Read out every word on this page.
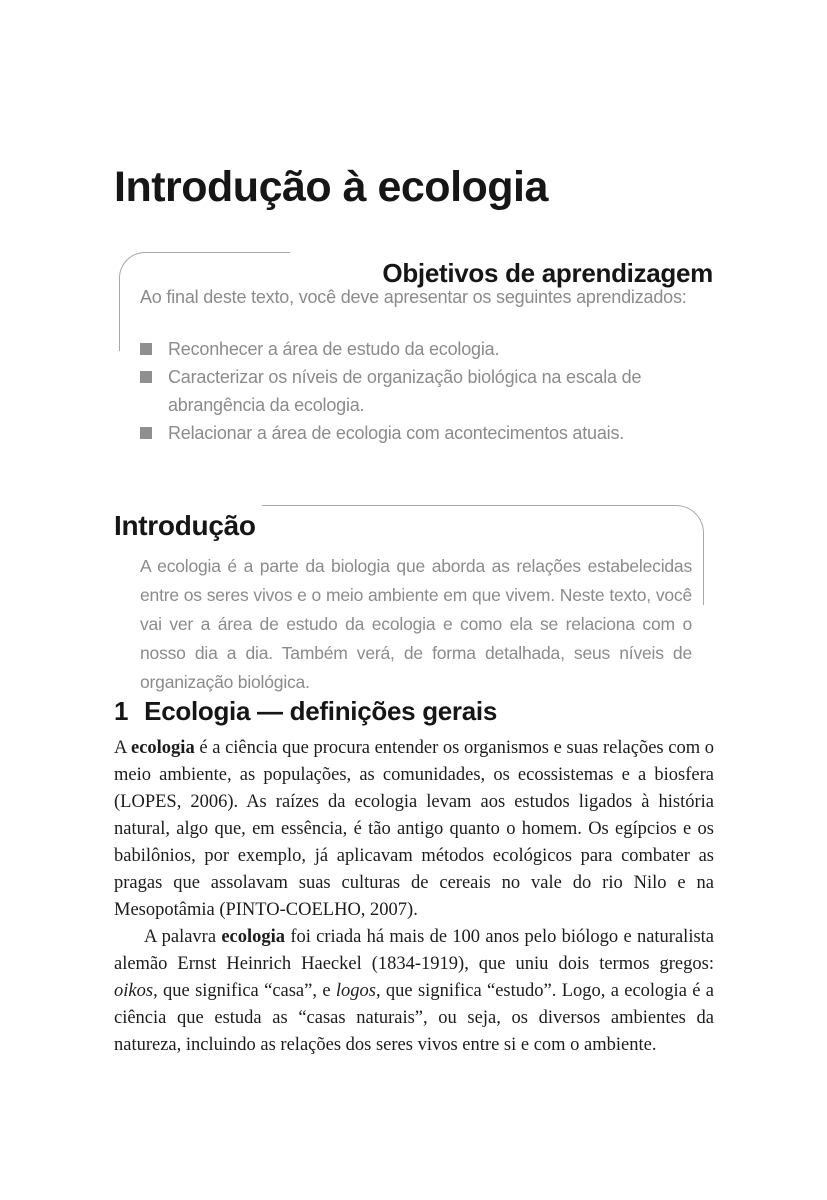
Introdução à ecologia
Objetivos de aprendizagem

Ao final deste texto, você deve apresentar os seguintes aprendizados:

Reconhecer a área de estudo da ecologia.
Caracterizar os níveis de organização biológica na escala de abrangência da ecologia.
Relacionar a área de ecologia com acontecimentos atuais.
Introdução

A ecologia é a parte da biologia que aborda as relações estabelecidas entre os seres vivos e o meio ambiente em que vivem. Neste texto, você vai ver a área de estudo da ecologia e como ela se relaciona com o nosso dia a dia. Também verá, de forma detalhada, seus níveis de organização biológica.

1 Ecologia — definições gerais

A ecologia é a ciência que procura entender os organismos e suas relações com o meio ambiente, as populações, as comunidades, os ecossistemas e a biosfera (LOPES, 2006). As raízes da ecologia levam aos estudos ligados à história natural, algo que, em essência, é tão antigo quanto o homem. Os egípcios e os babilônios, por exemplo, já aplicavam métodos ecológicos para combater as pragas que assolavam suas culturas de cereais no vale do rio Nilo e na Mesopotâmia (PINTO-COELHO, 2007).

A palavra ecologia foi criada há mais de 100 anos pelo biólogo e naturalista alemão Ernst Heinrich Haeckel (1834-1919), que uniu dois termos gregos: oikos, que significa “casa”, e logos, que significa “estudo”. Logo, a ecologia é a ciência que estuda as “casas naturais”, ou seja, os diversos ambientes da natureza, incluindo as relações dos seres vivos entre si e com o ambiente.
